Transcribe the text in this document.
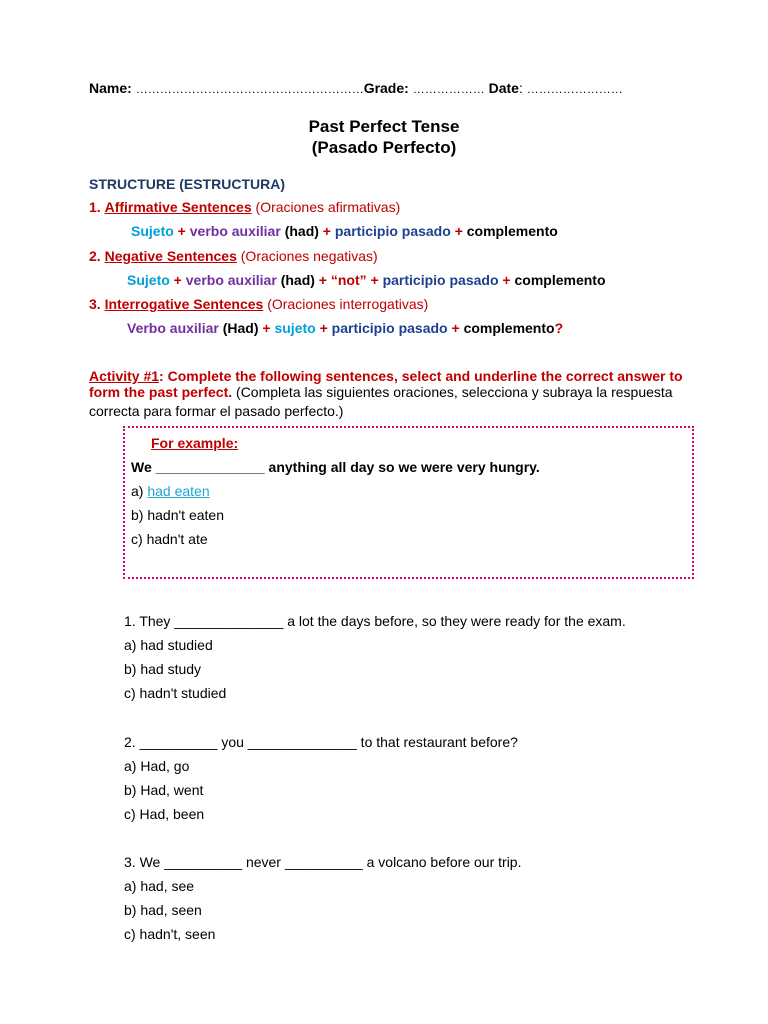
Name: …………………………………………………Grade: ……………… Date: ……………………
Past Perfect Tense
(Pasado Perfecto)
STRUCTURE (ESTRUCTURA)
1. Affirmative Sentences (Oraciones afirmativas)
Sujeto + verbo auxiliar (had) + participio pasado + complemento
2. Negative Sentences (Oraciones negativas)
Sujeto + verbo auxiliar (had) + “not” + participio pasado + complemento
3. Interrogative Sentences (Oraciones interrogativas)
Verbo auxiliar (Had) + sujeto + participio pasado + complemento?
Activity #1: Complete the following sentences, select and underline the correct answer to
form the past perfect. (Completa las siguientes oraciones, selecciona y subraya la respuesta
correcta para formar el pasado perfecto.)
For example:
We ______________ anything all day so we were very hungry.
a) had eaten
b) hadn't eaten
c) hadn't ate
1. They ______________ a lot the days before, so they were ready for the exam.
a) had studied
b) had study
c) hadn't studied
2. __________ you ______________ to that restaurant before?
a) Had, go
b) Had, went
c) Had, been
3. We __________ never __________ a volcano before our trip.
a) had, see
b) had, seen
c) hadn't, seen
